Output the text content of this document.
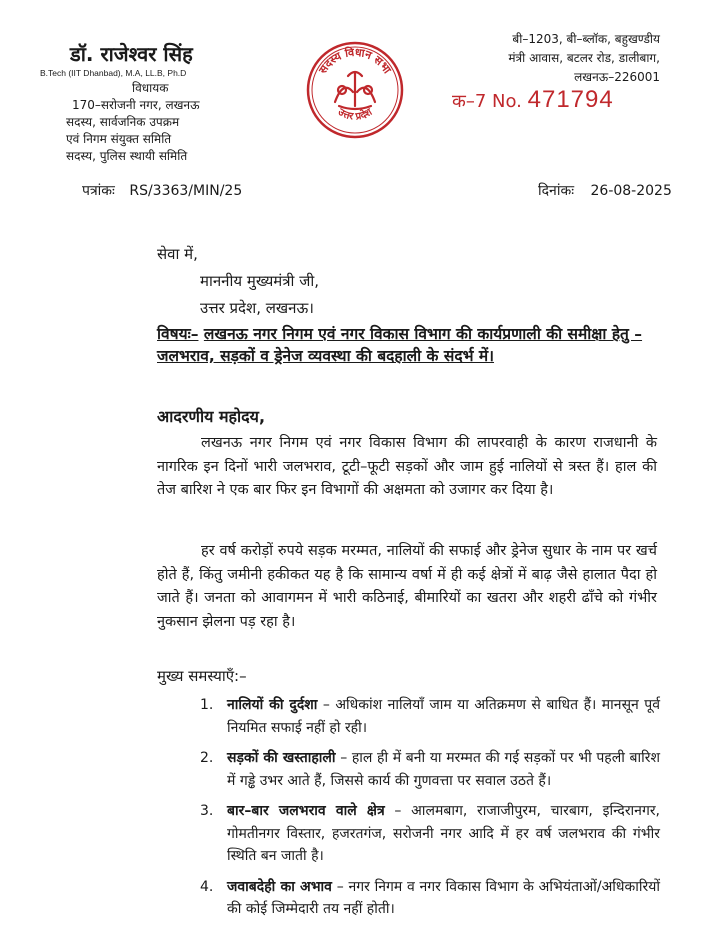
डॉ. राजेश्वर सिंह
B.Tech (IIT Dhanbad), M.A, LL.B, Ph.D
विधायक
170–सरोजनी नगर, लखनऊ
सदस्य, सार्वजनिक उपक्रम
एवं निगम संयुक्त समिति
सदस्य, पुलिस स्थायी समिति
सदस्य विधान सभा
उत्तर प्रदेश
बी–1203, बी–ब्लॉक, बहुखण्डीय
मंत्री आवास, बटलर रोड, डालीबाग,
लखनऊ–226001
क–7 No. 471794
पत्रांकः RS/3363/MIN/25	दिनांकः 26-08-2025
सेवा में,
माननीय मुख्यमंत्री जी,
उत्तर प्रदेश, लखनऊ।
विषयः– लखनऊ नगर निगम एवं नगर विकास विभाग की कार्यप्रणाली की समीक्षा हेतु – जलभराव, सड़कों व ड्रेनेज व्यवस्था की बदहाली के संदर्भ में।
आदरणीय महोदय,
लखनऊ नगर निगम एवं नगर विकास विभाग की लापरवाही के कारण राजधानी के नागरिक इन दिनों भारी जलभराव, टूटी–फूटी सड़कों और जाम हुई नालियों से त्रस्त हैं। हाल की तेज बारिश ने एक बार फिर इन विभागों की अक्षमता को उजागर कर दिया है।
हर वर्ष करोड़ों रुपये सड़क मरम्मत, नालियों की सफाई और ड्रेनेज सुधार के नाम पर खर्च होते हैं, किंतु जमीनी हकीकत यह है कि सामान्य वर्षा में ही कई क्षेत्रों में बाढ़ जैसे हालात पैदा हो जाते हैं। जनता को आवागमन में भारी कठिनाई, बीमारियों का खतरा और शहरी ढाँचे को गंभीर नुकसान झेलना पड़ रहा है।
मुख्य समस्याएँ:–
1. नालियों की दुर्दशा – अधिकांश नालियाँ जाम या अतिक्रमण से बाधित हैं। मानसून पूर्व नियमित सफाई नहीं हो रही।
2. सड़कों की खस्ताहाली – हाल ही में बनी या मरम्मत की गई सड़कों पर भी पहली बारिश में गड्ढे उभर आते हैं, जिससे कार्य की गुणवत्ता पर सवाल उठते हैं।
3. बार–बार जलभराव वाले क्षेत्र – आलमबाग, राजाजीपुरम, चारबाग, इन्दिरानगर, गोमतीनगर विस्तार, हजरतगंज, सरोजनी नगर आदि में हर वर्ष जलभराव की गंभीर स्थिति बन जाती है।
4. जवाबदेही का अभाव – नगर निगम व नगर विकास विभाग के अभियंताओं/अधिकारियों की कोई जिम्मेदारी तय नहीं होती।
